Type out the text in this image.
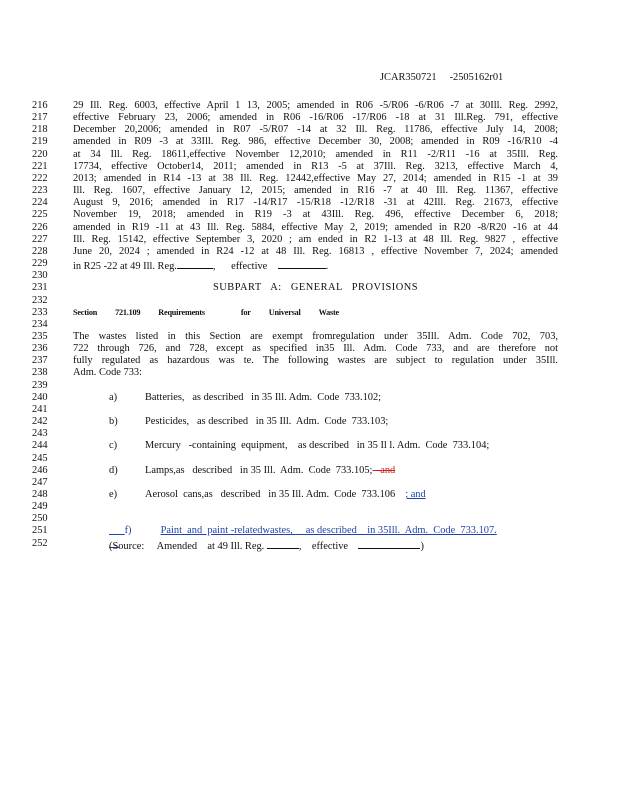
JCAR350721     -2505162r01
216	29 Ill. Reg. 6003, effective April 1 13, 2005; amended in R06 -5/R06 -6/R06 -7 at 30Ill. Reg. 2992,
217	effective February 23, 2006; amended in R06 -16/R06 -17/R06 -18 at 31 Ill.Reg. 791, effective
218	December 20,2006; amended in R07 -5/R07 -14 at 32 Ill. Reg. 11786, effective July 14, 2008;
219	amended in R09 -3 at 33Ill. Reg. 986, effective December 30, 2008; amended in R09 -16/R10 -4
220	at 34 Ill. Reg. 18611,effective November 12,2010; amended in R11 -2/R11 -16 at 35Ill. Reg.
221	17734, effective October14, 2011; amended in R13 -5 at 37Ill. Reg. 3213, effective March 4,
222	2013; amended in R14 -13 at 38 Ill. Reg. 12442,effective May 27, 2014; amended in R15 -1 at 39
223	Ill. Reg. 1607, effective January 12, 2015; amended in R16 -7 at 40 Ill. Reg. 11367, effective
224	August 9, 2016; amended in R17 -14/R17 -15/R18 -12/R18 -31 at 42Ill. Reg. 21673, effective
225	November 19, 2018; amended in R19 -3 at 43Ill. Reg. 496, effective December 6, 2018;
226	amended in R19 -11 at 43 Ill. Reg. 5884, effective May 2, 2019; amended in R20 -8/R20 -16 at 44
227	Ill. Reg. 15142, effective September 3, 2020 ; am ended in R2 1-13 at 48 Ill. Reg. 9827 , effective
228	June 20, 2024 ; amended in R24 -12 at 48 Ill. Reg. 16813 , effective November 7, 2024; amended
229	in R25 -22 at 49 Ill. Reg.	, effective	.
230
231	SUBPART   A:   GENERAL   PROVISIONS
232
233	Section 721.109 Requirements	for Universal Waste
234
235	The wastes listed in this Section are exempt fromregulation under 35Ill. Adm. Code 702, 703,
236	722 through 726, and 728, except as specified in35 Ill. Adm. Code 733, and are therefore not
237	fully regulated as hazardous was te. The following wastes are subject to regulation under 35Ill.
238	Adm. Code 733:
239
240	a)	Batteries,   as described   in 35 Ill. Adm.  Code  733.102;
241
242	b)	Pesticides,   as described   in 35 Ill.  Adm.  Code  733.103;
243
244	c)	Mercury   -containing  equipment,    as described   in 35 Il l. Adm.  Code  733.104;
245
246	d)	Lamps,as   described   in 35 Ill.  Adm.  Code  733.105;   and
247
248	e)	Aerosol  cans,as   described   in 35 Ill. Adm.  Code  733.106 ; and
249
250

f)	Paint  and  paint -relatedwastes,     as described    in 35Ill.  Adm.  Code  733.107.

251
252	(Source: Amended at 49 Ill. Reg.	, effective	)
